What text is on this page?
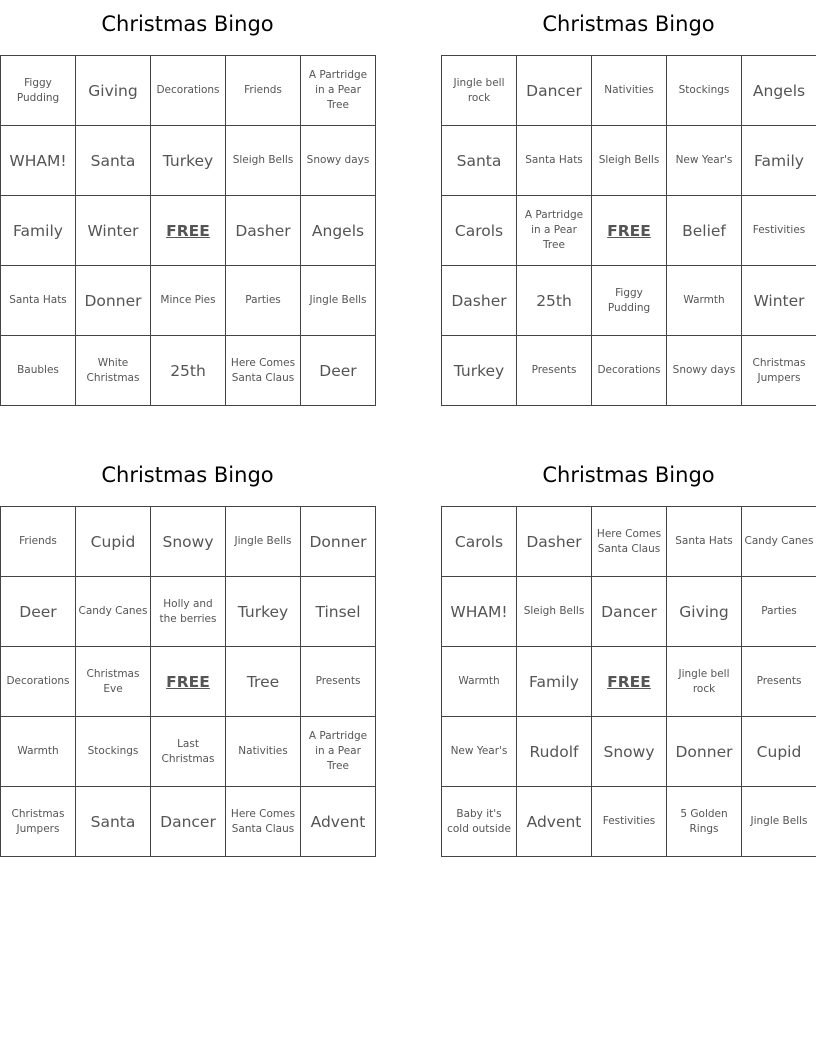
Christmas Bingo
Figgy Pudding	Giving	Decorations	Friends	A Partridge in a Pear Tree
WHAM!	Santa	Turkey	Sleigh Bells	Snowy days
Family	Winter	FREE	Dasher	Angels
Santa Hats	Donner	Mince Pies	Parties	Jingle Bells
Baubles	White Christmas	25th	Here Comes Santa Claus	Deer
Christmas Bingo
Jingle bell rock	Dancer	Nativities	Stockings	Angels
Santa	Santa Hats	Sleigh Bells	New Year's	Family
Carols	A Partridge in a Pear Tree	FREE	Belief	Festivities
Dasher	25th	Figgy Pudding	Warmth	Winter
Turkey	Presents	Decorations	Snowy days	Christmas Jumpers
Christmas Bingo
Friends	Cupid	Snowy	Jingle Bells	Donner
Deer	Candy Canes	Holly and the berries	Turkey	Tinsel
Decorations	Christmas Eve	FREE	Tree	Presents
Warmth	Stockings	Last Christmas	Nativities	A Partridge in a Pear Tree
Christmas Jumpers	Santa	Dancer	Here Comes Santa Claus	Advent
Christmas Bingo
Carols	Dasher	Here Comes Santa Claus	Santa Hats	Candy Canes
WHAM!	Sleigh Bells	Dancer	Giving	Parties
Warmth	Family	FREE	Jingle bell rock	Presents
New Year's	Rudolf	Snowy	Donner	Cupid
Baby it's cold outside	Advent	Festivities	5 Golden Rings	Jingle Bells
